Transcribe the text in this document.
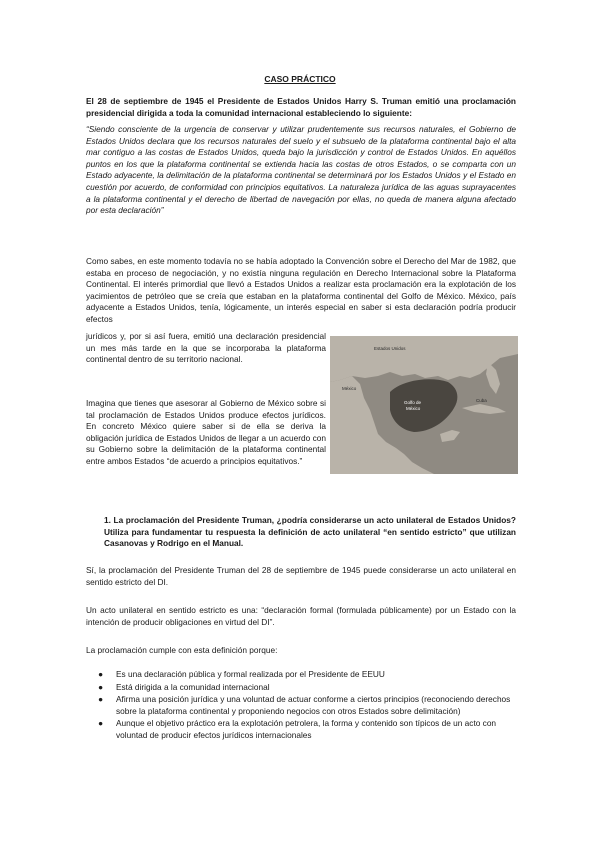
CASO PRÁCTICO

El 28 de septiembre de 1945 el Presidente de Estados Unidos Harry S. Truman emitió una proclamación presidencial dirigida a toda la comunidad internacional estableciendo lo siguiente:

“Siendo consciente de la urgencia de conservar y utilizar prudentemente sus recursos naturales, el Gobierno de Estados Unidos declara que los recursos naturales del suelo y el subsuelo de la plataforma continental bajo el alta mar contiguo a las costas de Estados Unidos, queda bajo la jurisdicción y control de Estados Unidos. En aquéllos puntos en los que la plataforma continental se extienda hacia las costas de otros Estados, o se comparta con un Estado adyacente, la delimitación de la plataforma continental se determinará por los Estados Unidos y el Estado en cuestión por acuerdo, de conformidad con principios equitativos. La naturaleza jurídica de las aguas suprayacentes a la plataforma continental y el derecho de libertad de navegación por ellas, no queda de manera alguna afectado por esta declaración”

Como sabes, en este momento todavía no se había adoptado la Convención sobre el Derecho del Mar de 1982, que estaba en proceso de negociación, y no existía ninguna regulación en Derecho Internacional sobre la Plataforma Continental. El interés primordial que llevó a Estados Unidos a realizar esta proclamación era la explotación de los yacimientos de petróleo que se creía que estaban en la plataforma continental del Golfo de México. México, país adyacente a Estados Unidos, tenía, lógicamente, un interés especial en saber si esta declaración podría producir efectos

jurídicos y, por si así fuera, emitió una declaración presidencial un mes más tarde en la que se incorporaba la plataforma continental dentro de su territorio nacional.

Estados Unidos
México
Golfo de
México
Cuba

Imagina que tienes que asesorar al Gobierno de México sobre si tal proclamación de Estados Unidos produce efectos jurídicos. En concreto México quiere saber si de ella se deriva la obligación jurídica de Estados Unidos de llegar a un acuerdo con su Gobierno sobre la delimitación de la plataforma continental entre ambos Estados “de acuerdo a principios equitativos.”

1. La proclamación del Presidente Truman, ¿podría considerarse un acto unilateral de Estados Unidos? Utiliza para fundamentar tu respuesta la definición de acto unilateral “en sentido estricto” que utilizan Casanovas y Rodrigo en el Manual.

Sí, la proclamación del Presidente Truman del 28 de septiembre de 1945 puede considerarse un acto unilateral en sentido estricto del DI.

Un acto unilateral en sentido estricto es una: “declaración formal (formulada públicamente) por un Estado con la intención de producir obligaciones en virtud del DI”.

La proclamación cumple con esta definición porque:

● Es una declaración pública y formal realizada por el Presidente de EEUU
● Está dirigida a la comunidad internacional
● Afirma una posición jurídica y una voluntad de actuar conforme a ciertos principios (reconociendo derechos sobre la plataforma continental y proponiendo negocios con otros Estados sobre delimitación)
● Aunque el objetivo práctico era la explotación petrolera, la forma y contenido son típicos de un acto con voluntad de producir efectos jurídicos internacionales
